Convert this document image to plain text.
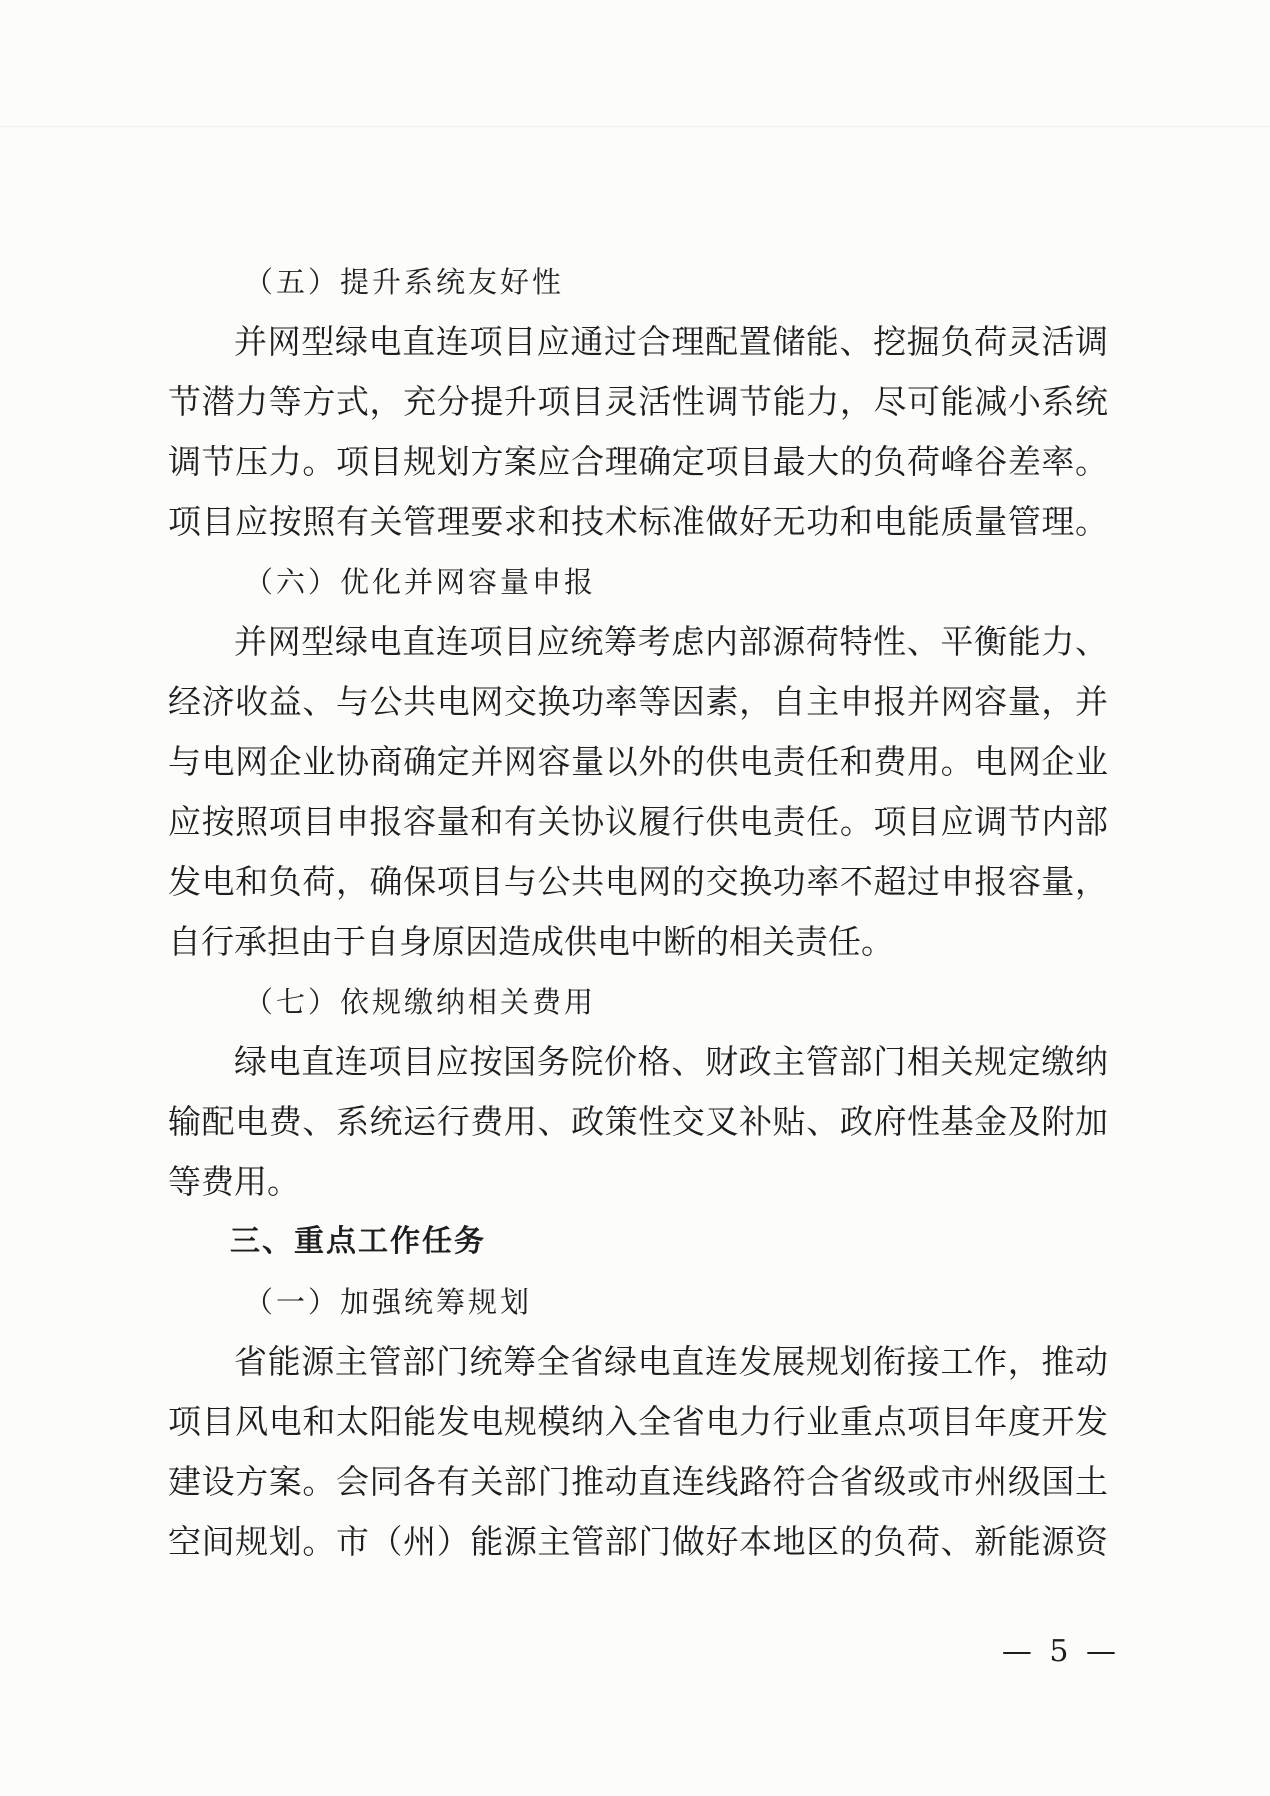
（五）提升系统友好性
并网型绿电直连项目应通过合理配置储能、挖掘负荷灵活调
节潜力等方式，充分提升项目灵活性调节能力，尽可能减小系统
调节压力。项目规划方案应合理确定项目最大的负荷峰谷差率。
项目应按照有关管理要求和技术标准做好无功和电能质量管理。
（六）优化并网容量申报
并网型绿电直连项目应统筹考虑内部源荷特性、平衡能力、
经济收益、与公共电网交换功率等因素，自主申报并网容量，并
与电网企业协商确定并网容量以外的供电责任和费用。电网企业
应按照项目申报容量和有关协议履行供电责任。项目应调节内部
发电和负荷，确保项目与公共电网的交换功率不超过申报容量，
自行承担由于自身原因造成供电中断的相关责任。
（七）依规缴纳相关费用
绿电直连项目应按国务院价格、财政主管部门相关规定缴纳
输配电费、系统运行费用、政策性交叉补贴、政府性基金及附加
等费用。
三、重点工作任务
（一）加强统筹规划
省能源主管部门统筹全省绿电直连发展规划衔接工作，推动
项目风电和太阳能发电规模纳入全省电力行业重点项目年度开发
建设方案。会同各有关部门推动直连线路符合省级或市州级国土
空间规划。市（州）能源主管部门做好本地区的负荷、新能源资
— 5 —
